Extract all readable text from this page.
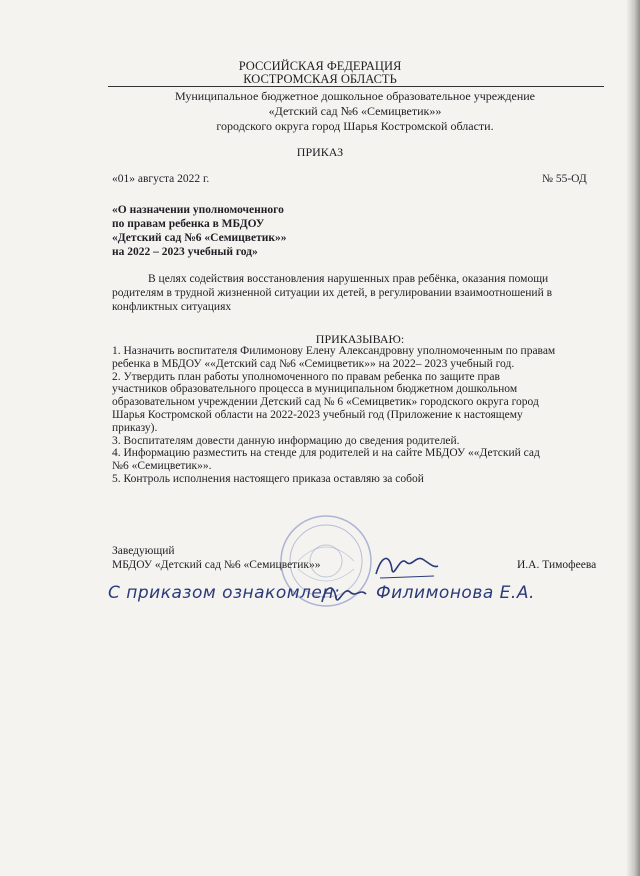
РОССИЙСКАЯ ФЕДЕРАЦИЯ
КОСТРОМСКАЯ ОБЛАСТЬ
Муниципальное бюджетное дошкольное образовательное учреждение
«Детский сад №6 «Семицветик»»
городского округа город Шарья Костромской области.
ПРИКАЗ
«01» августа 2022 г.	№ 55-ОД
«О назначении уполномоченного
по правам ребенка в МБДОУ
«Детский сад №6 «Семицветик»»
на 2022 – 2023 учебный год»
В целях содействия восстановления нарушенных прав ребёнка, оказания помощи
родителям в трудной жизненной ситуации их детей, в регулировании взаимоотношений в
конфликтных ситуациях
ПРИКАЗЫВАЮ:
1. Назначить воспитателя Филимонову Елену Александровну уполномоченным по правам
ребенка в МБДОУ ««Детский сад №6 «Семицветик»» на 2022– 2023 учебный год.
2. Утвердить план работы уполномоченного по правам ребенка по защите прав
участников образовательного процесса в муниципальном бюджетном дошкольном
образовательном учреждении Детский сад № 6 «Семицветик» городского округа город
Шарья Костромской области на 2022-2023 учебный год (Приложение к настоящему
приказу).
3. Воспитателям довести данную информацию до сведения родителей.
4. Информацию разместить на стенде для родителей и на сайте МБДОУ ««Детский сад
№6 «Семицветик»».
5. Контроль исполнения настоящего приказа оставляю за собой
Заведующий
МБДОУ «Детский сад №6 «Семицветик»»	И.А. Тимофеева
С приказом ознакомлен: Филимонова Е.А.
